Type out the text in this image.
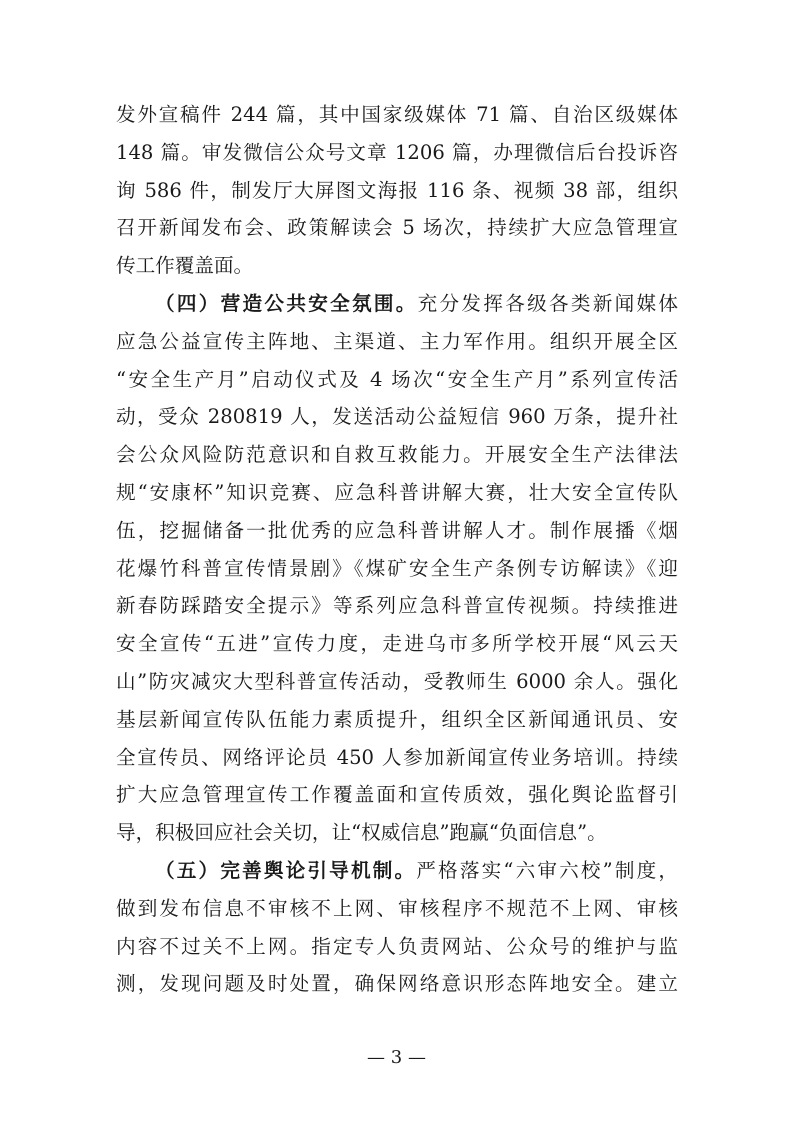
发外宣稿件 244 篇，其中国家级媒体 71 篇、自治区级媒体
148 篇。审发微信公众号文章 1206 篇，办理微信后台投诉咨
询 586 件，制发厅大屏图文海报 116 条、视频 38 部，组织
召开新闻发布会、政策解读会 5 场次，持续扩大应急管理宣
传工作覆盖面。
（四）营造公共安全氛围。充分发挥各级各类新闻媒体
应急公益宣传主阵地、主渠道、主力军作用。组织开展全区
“安全生产月”启动仪式及 4 场次“安全生产月”系列宣传活
动，受众 280819 人，发送活动公益短信 960 万条，提升社
会公众风险防范意识和自救互救能力。开展安全生产法律法
规“安康杯”知识竞赛、应急科普讲解大赛，壮大安全宣传队
伍，挖掘储备一批优秀的应急科普讲解人才。制作展播《烟
花爆竹科普宣传情景剧》《煤矿安全生产条例专访解读》《迎
新春防踩踏安全提示》等系列应急科普宣传视频。持续推进
安全宣传“五进”宣传力度，走进乌市多所学校开展“风云天
山”防灾减灾大型科普宣传活动，受教师生 6000 余人。强化
基层新闻宣传队伍能力素质提升，组织全区新闻通讯员、安
全宣传员、网络评论员 450 人参加新闻宣传业务培训。持续
扩大应急管理宣传工作覆盖面和宣传质效，强化舆论监督引
导，积极回应社会关切，让“权威信息”跑赢“负面信息”。
（五）完善舆论引导机制。严格落实“六审六校”制度，
做到发布信息不审核不上网、审核程序不规范不上网、审核
内容不过关不上网。指定专人负责网站、公众号的维护与监
测，发现问题及时处置，确保网络意识形态阵地安全。建立
— 3 —
